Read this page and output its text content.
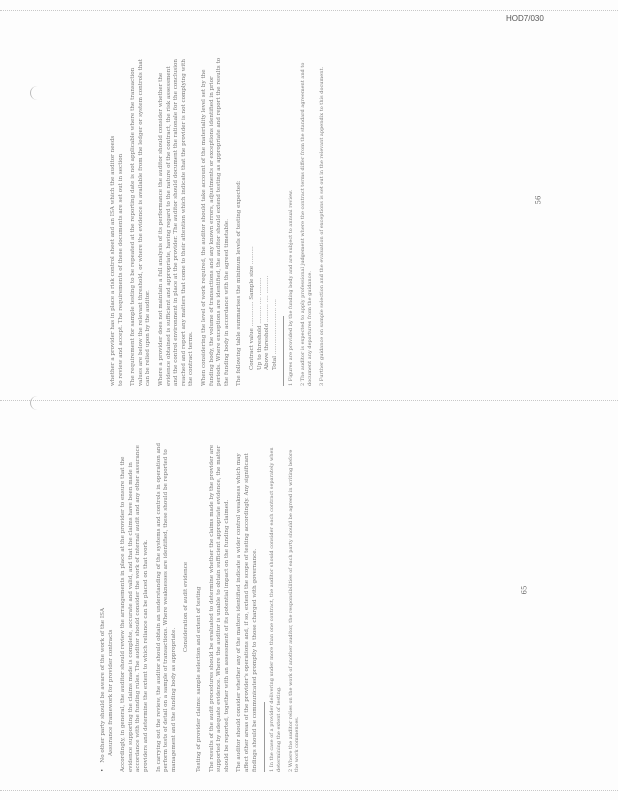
HOD7/030
whether a provider has in place a risk control sheet and an ISA which the auditor needs to review and accept. The requirements of these documents are set out in section The requirement for sample testing to be repeated at the reporting date is not applicable where the transaction values are below the relevant threshold, or where the evidence is available from the ledger or system controls that can be relied upon by the auditor. Where a provider does not maintain a full analysis of its performance the auditor should consider whether the evidence obtained is sufficient and appropriate, having regard to the nature of the contract, the risk assessment and the control environment in place at the provider. The auditor should document the rationale for the conclusion reached and report any matters that come to their attention which indicate that the provider is not complying with the contract terms. When considering the level of work required, the auditor should take account of the materiality level set by the funding body, the volume of transactions and any known errors, adjustments or exceptions identified in prior periods. Where exceptions are identified, the auditor should extend testing as appropriate and report the results to the funding body in accordance with the agreed timetable. The following table summarises the minimum levels of testing expected: Contract value .............. Sample size .......... Up to threshold .......... .... .......... Above threshold .......... .... .......... Total .......................... ....	1 Figures are provided by the funding body and are subject to annual review. 2 The auditor is expected to apply professional judgement where the contract terms differ from the standard agreement and to document any departures from the guidance. 3 Further guidance on sample selection and the evaluation of exceptions is set out in the relevant appendix to this document.

• No other party should be aware of the work of the ISA Assurance framework for provider contracts Accordingly, in general, the auditor should review the arrangements in place at the provider to ensure that the evidence supporting the claims made is complete, accurate and valid, and that the claims have been made in accordance with the funding rules. The auditor should consider the work of internal audit and any other assurance providers and determine the extent to which reliance can be placed on that work. In carrying out the review, the auditor should obtain an understanding of the systems and controls in operation and perform tests of detail on a sample of transactions. Where weaknesses are identified, these should be reported to management and the funding body as appropriate.

Consideration of audit evidence Testing of provider claims: sample selection and extent of testing The results of the audit procedures should be evaluated to determine whether the claims made by the provider are supported by adequate evidence. Where the auditor is unable to obtain sufficient appropriate evidence, the matter should be reported, together with an assessment of its potential impact on the funding claimed. The auditor should consider whether any of the matters identified indicate a wider control weakness which may affect other areas of the provider's operations and, if so, extend the scope of testing accordingly. Any significant findings should be communicated promptly to those charged with governance.	1 In the case of a provider delivering under more than one contract, the auditor should consider each contract separately when determining the extent of testing. 2 Where the auditor relies on the work of another auditor, the responsibilities of each party should be agreed in writing before the work commences.

56
65
